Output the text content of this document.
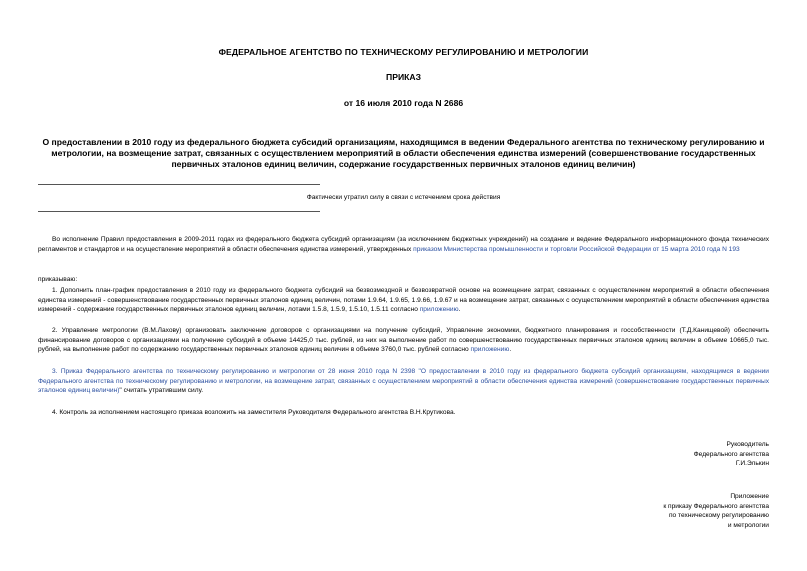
ФЕДЕРАЛЬНОЕ АГЕНТСТВО ПО ТЕХНИЧЕСКОМУ РЕГУЛИРОВАНИЮ И МЕТРОЛОГИИ
ПРИКАЗ
от 16 июля 2010 года N 2686
О предоставлении в 2010 году из федерального бюджета субсидий организациям, находящимся в ведении Федерального агентства по техническому регулированию и метрологии, на возмещение затрат, связанных с осуществлением мероприятий в области обеспечения единства измерений (совершенствование государственных первичных эталонов единиц величин, содержание государственных первичных эталонов единиц величин)
Фактически утратил силу в связи с истечением срока действия
Во исполнение Правил предоставления в 2009-2011 годах из федерального бюджета субсидий организациям (за исключением бюджетных учреждений) на создание и ведение Федерального информационного фонда технических регламентов и стандартов и на осуществление мероприятий в области обеспечения единства измерений, утвержденных приказом Министерства промышленности и торговли Российской Федерации от 15 марта 2010 года N 193
приказываю:
1. Дополнить план-график предоставления в 2010 году из федерального бюджета субсидий на безвозмездной и безвозвратной основе на возмещение затрат, связанных с осуществлением мероприятий в области обеспечения единства измерений - совершенствование государственных первичных эталонов единиц величин, потами 1.9.64, 1.9.65, 1.9.66, 1.9.67 и на возмещение затрат, связанных с осуществлением мероприятий в области обеспечения единства измерений - содержание государственных первичных эталонов единиц величин, лотами 1.5.8, 1.5.9, 1.5.10, 1.5.11 согласно приложению.
2. Управление метрологии (В.М.Лахову) организовать заключение договоров с организациями на получение субсидий, Управление экономики, бюджетного планирования и госсобственности (Т.Д.Канищевой) обеспечить финансирование договоров с организациями на получение субсидий в объеме 14425,0 тыс. рублей, из них на выполнение работ по совершенствованию государственных первичных эталонов единиц величин в объеме 10665,0 тыс. рублей, на выполнение работ по содержанию государственных первичных эталонов единиц величин в объеме 3760,0 тыс. рублей согласно приложению.
3. Приказ Федерального агентства по техническому регулированию и метрологии от 28 июня 2010 года N 2398 "О предоставлении в 2010 году из федерального бюджета субсидий организациям, находящимся в ведении Федерального агентства по техническому регулированию и метрологии, на возмещение затрат, связанных с осуществлением мероприятий в области обеспечения единства измерений (совершенствование государственных первичных эталонов единиц величин)" считать утратившим силу.
4. Контроль за исполнением настоящего приказа возложить на заместителя Руководителя Федерального агентства В.Н.Крутикова.
Руководитель
Федерального агентства
Г.И.Элькин
Приложение
к приказу Федерального агентства
по техническому регулированию
и метрологии
